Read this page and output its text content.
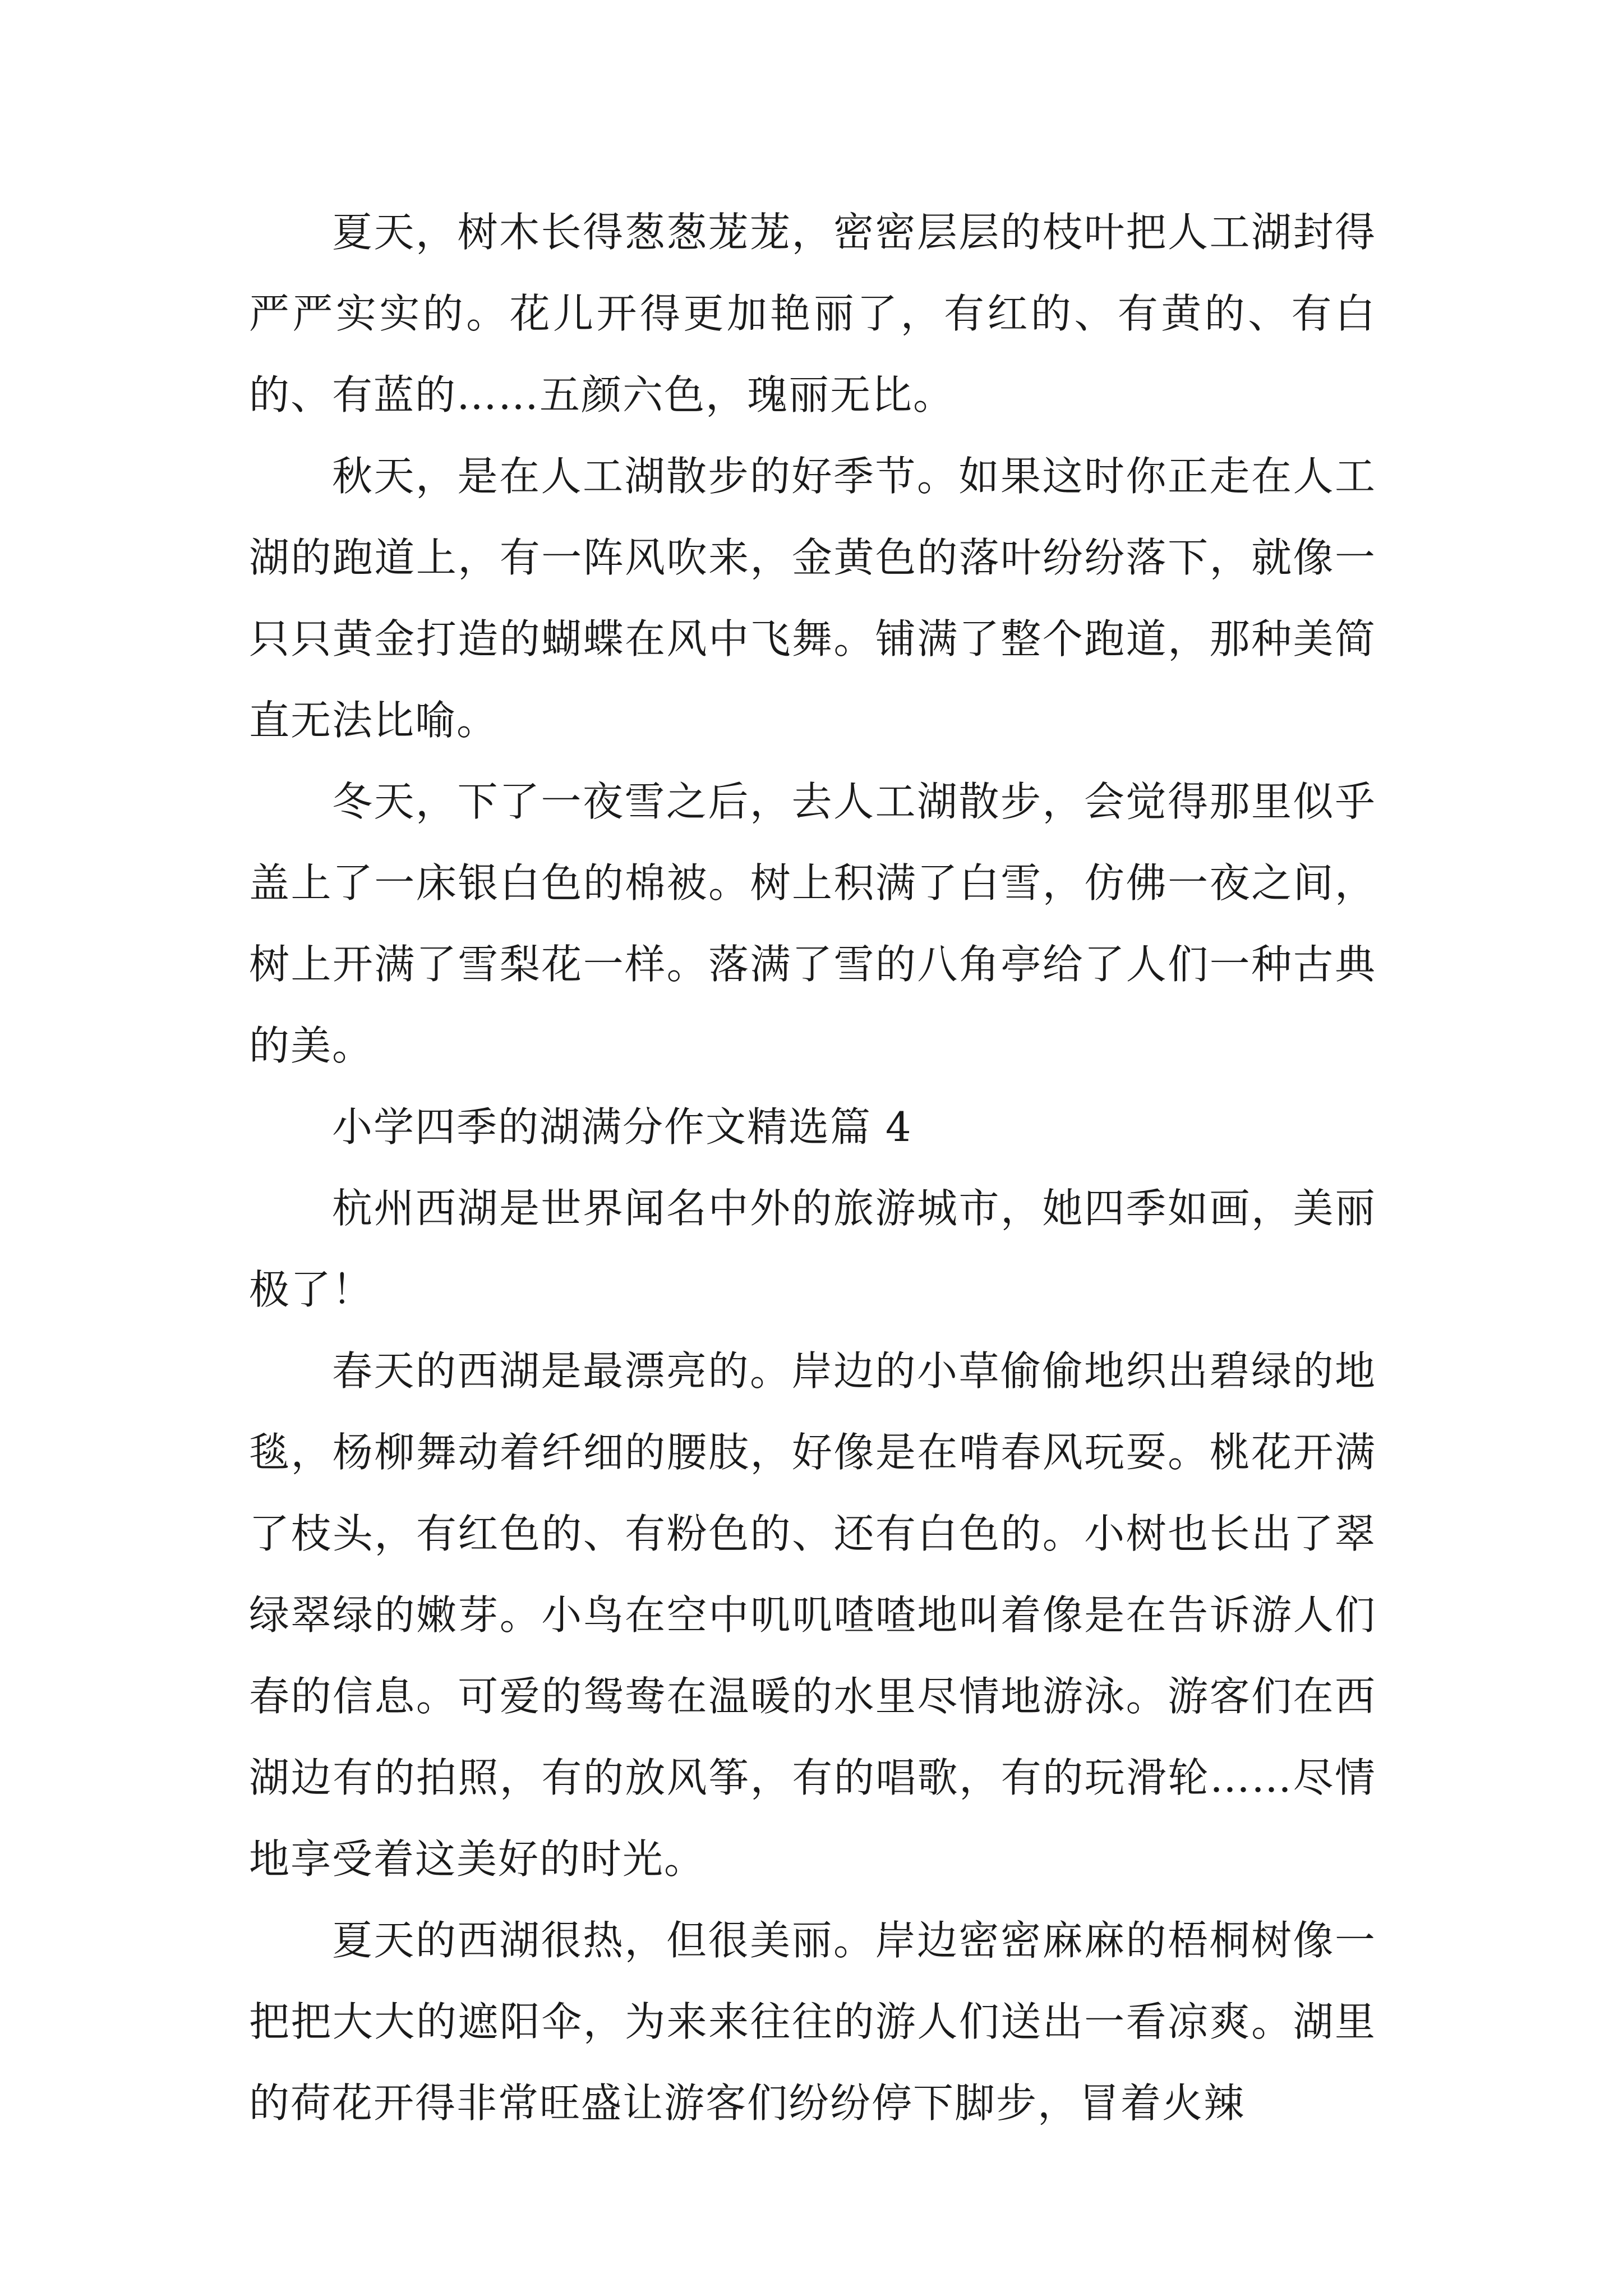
夏天，树木长得葱葱茏茏，密密层层的枝叶把人工湖封得严严实实的。花儿开得更加艳丽了，有红的、有黄的、有白的、有蓝的……五颜六色，瑰丽无比。

秋天，是在人工湖散步的好季节。如果这时你正走在人工湖的跑道上，有一阵风吹来，金黄色的落叶纷纷落下，就像一只只黄金打造的蝴蝶在风中飞舞。铺满了整个跑道，那种美简直无法比喻。

冬天，下了一夜雪之后，去人工湖散步，会觉得那里似乎盖上了一床银白色的棉被。树上积满了白雪，仿佛一夜之间，树上开满了雪梨花一样。落满了雪的八角亭给了人们一种古典的美。

小学四季的湖满分作文精选篇 4

杭州西湖是世界闻名中外的旅游城市，她四季如画，美丽极了！

春天的西湖是最漂亮的。岸边的小草偷偷地织出碧绿的地毯，杨柳舞动着纤细的腰肢，好像是在啃春风玩耍。桃花开满了枝头，有红色的、有粉色的、还有白色的。小树也长出了翠绿翠绿的嫩芽。小鸟在空中叽叽喳喳地叫着像是在告诉游人们春的信息。可爱的鸳鸯在温暖的水里尽情地游泳。游客们在西湖边有的拍照，有的放风筝，有的唱歌，有的玩滑轮……尽情地享受着这美好的时光。

夏天的西湖很热，但很美丽。岸边密密麻麻的梧桐树像一把把大大的遮阳伞，为来来往往的游人们送出一看凉爽。湖里的荷花开得非常旺盛让游客们纷纷停下脚步，冒着火辣
